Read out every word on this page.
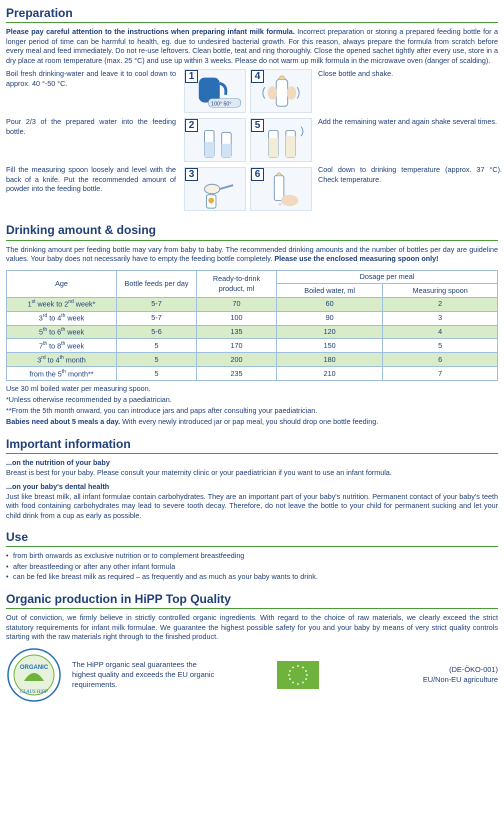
Preparation
Please pay careful attention to the instructions when preparing infant milk formula. Incorrect preparation or storing a prepared feeding bottle for a longer period of time can be harmful to health, eg. due to undesired bacterial growth. For this reason, always prepare the formula from scratch before every meal and feed immediately. Do not re-use leftovers. Clean bottle, teat and ring thoroughly. Close the opened sachet tightly after every use, store in a dry place at room temperature (max. 25 °C) and use up within 3 weeks. Please do not warm up milk formula in the microwave oven (danger of scalding).
Boil fresh drinking-water and leave it to cool down to approx. 40 °-50 °C.
Pour 2/3 of the prepared water into the feeding bottle.
Fill the measuring spoon loosely and level with the back of a knife. Put the recommended amount of powder into the feeding bottle.
1
100° 50°
4
2	5
3	6
Close bottle and shake.
Add the remaining water and again shake several times.
Cool down to drinking temperature (approx. 37 °C). Check temperature.
Drinking amount & dosing
The drinking amount per feeding bottle may vary from baby to baby. The recommended drinking amounts and the number of bottles per day are guideline values. Your baby does not necessarily have to empty the feeding bottle completely. Please use the enclosed measuring spoon only!
Age	Bottle feeds per day	Ready-to-drink product, ml	Dosage per meal	
			Boiled water, ml	Measuring spoon
1st week to 2nd week*	5-7	70	60	2
3rd to 4th week	5-7	100	90	3
5th to 6th week	5-6	135	120	4
7th to 8th week	5	170	150	5
3rd to 4th month	5	200	180	6
from the 5th month**	5	235	210	7
Use 30 ml boiled water per measuring spoon.
*Unless otherwise recommended by a paediatrician.
**From the 5th month onward, you can introduce jars and paps after consulting your paediatrician.
Babies need about 5 meals a day. With every newly introduced jar or pap meal, you should drop one bottle feeding.
Important information
...on the nutrition of your baby
Breast is best for your baby. Please consult your maternity clinic or your paediatrician if you want to use an infant formula.
...on your baby's dental health
Just like breast milk, all infant formulae contain carbohydrates. They are an important part of your baby's nutrition. Permanent contact of your baby's teeth with food containing carbohydrates may lead to severe tooth decay. Therefore, do not leave the bottle to your child for permanent sucking and let your child drink from a cup as early as possible.
Use
• from birth onwards as exclusive nutrition or to complement breastfeeding
• after breastfeeding or after any other infant formula
• can be fed like breast milk as required – as frequently and as much as your baby wants to drink.
Organic production in HiPP Top Quality
Out of conviction, we firmly believe in strictly controlled organic ingredients. With regard to the choice of raw materials, we clearly exceed the strict statutory requirements for infant milk formulae. We guarantee the highest possible safety for you and your baby by means of very strict quality controls starting with the raw materials right through to the finished product.
ORGANIC
CLAUS HiPP
The HiPP organic seal guarantees the highest quality and exceeds the EU organic requirements.
(DE-ÖKO-001)
EU/Non-EU agriculture
